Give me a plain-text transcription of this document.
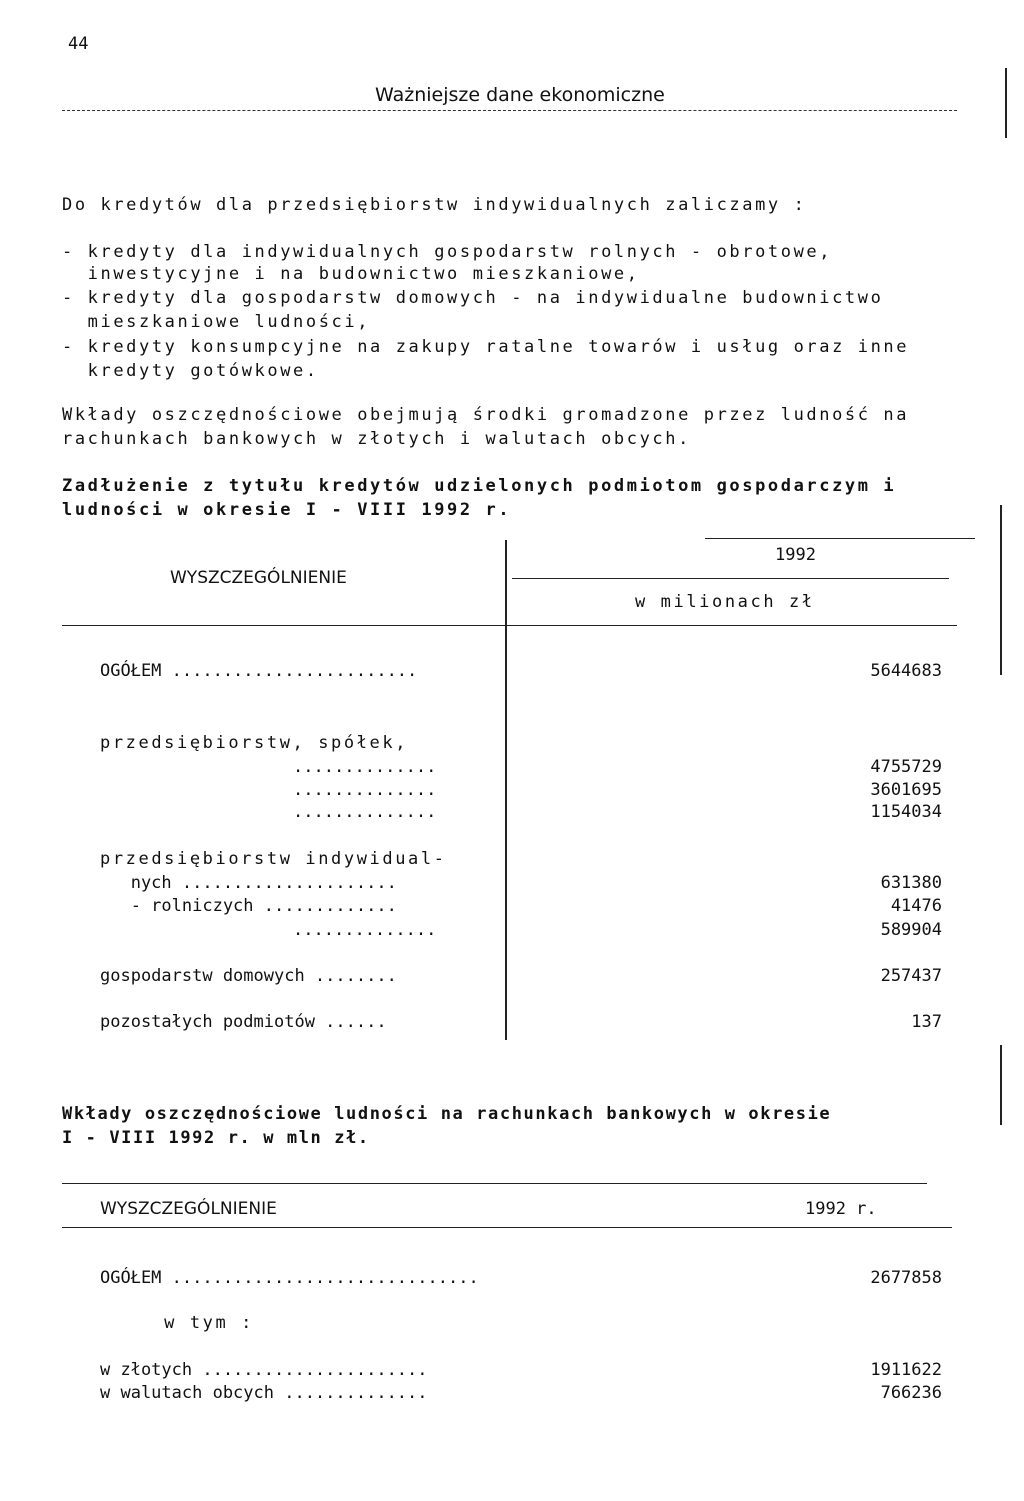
44
Ważniejsze dane ekonomiczne
Do kredytów dla przedsiębiorstw indywidualnych zaliczamy :
- kredyty dla indywidualnych gospodarstw rolnych - obrotowe,
inwestycyjne i na budownictwo mieszkaniowe,
- kredyty dla gospodarstw domowych - na indywidualne budownictwo
mieszkaniowe ludności,
- kredyty konsumpcyjne na zakupy ratalne towarów i usług oraz inne
kredyty gotówkowe.
Wkłady oszczędnościowe obejmują środki gromadzone przez ludność na
rachunkach bankowych w złotych i walutach obcych.
Zadłużenie z tytułu kredytów udzielonych podmiotom gospodarczym i
ludności w okresie I - VIII 1992 r.
WYSZCZEGÓLNIENIE
1992
w milionach zł
OGÓŁEM ........................	5644683
przedsiębiorstw, spółek,
..............	4755729
..............	3601695
..............	1154034
przedsiębiorstw indywidual-
nych .....................	631380
- rolniczych .............	41476
..............	589904
gospodarstw domowych ........	257437
pozostałych podmiotów ......	137
Wkłady oszczędnościowe ludności na rachunkach bankowych w okresie
I - VIII 1992 r. w mln zł.
WYSZCZEGÓLNIENIE	1992 r.
OGÓŁEM ..............................	2677858
w tym :
w złotych ......................	1911622
w walutach obcych ..............	766236
